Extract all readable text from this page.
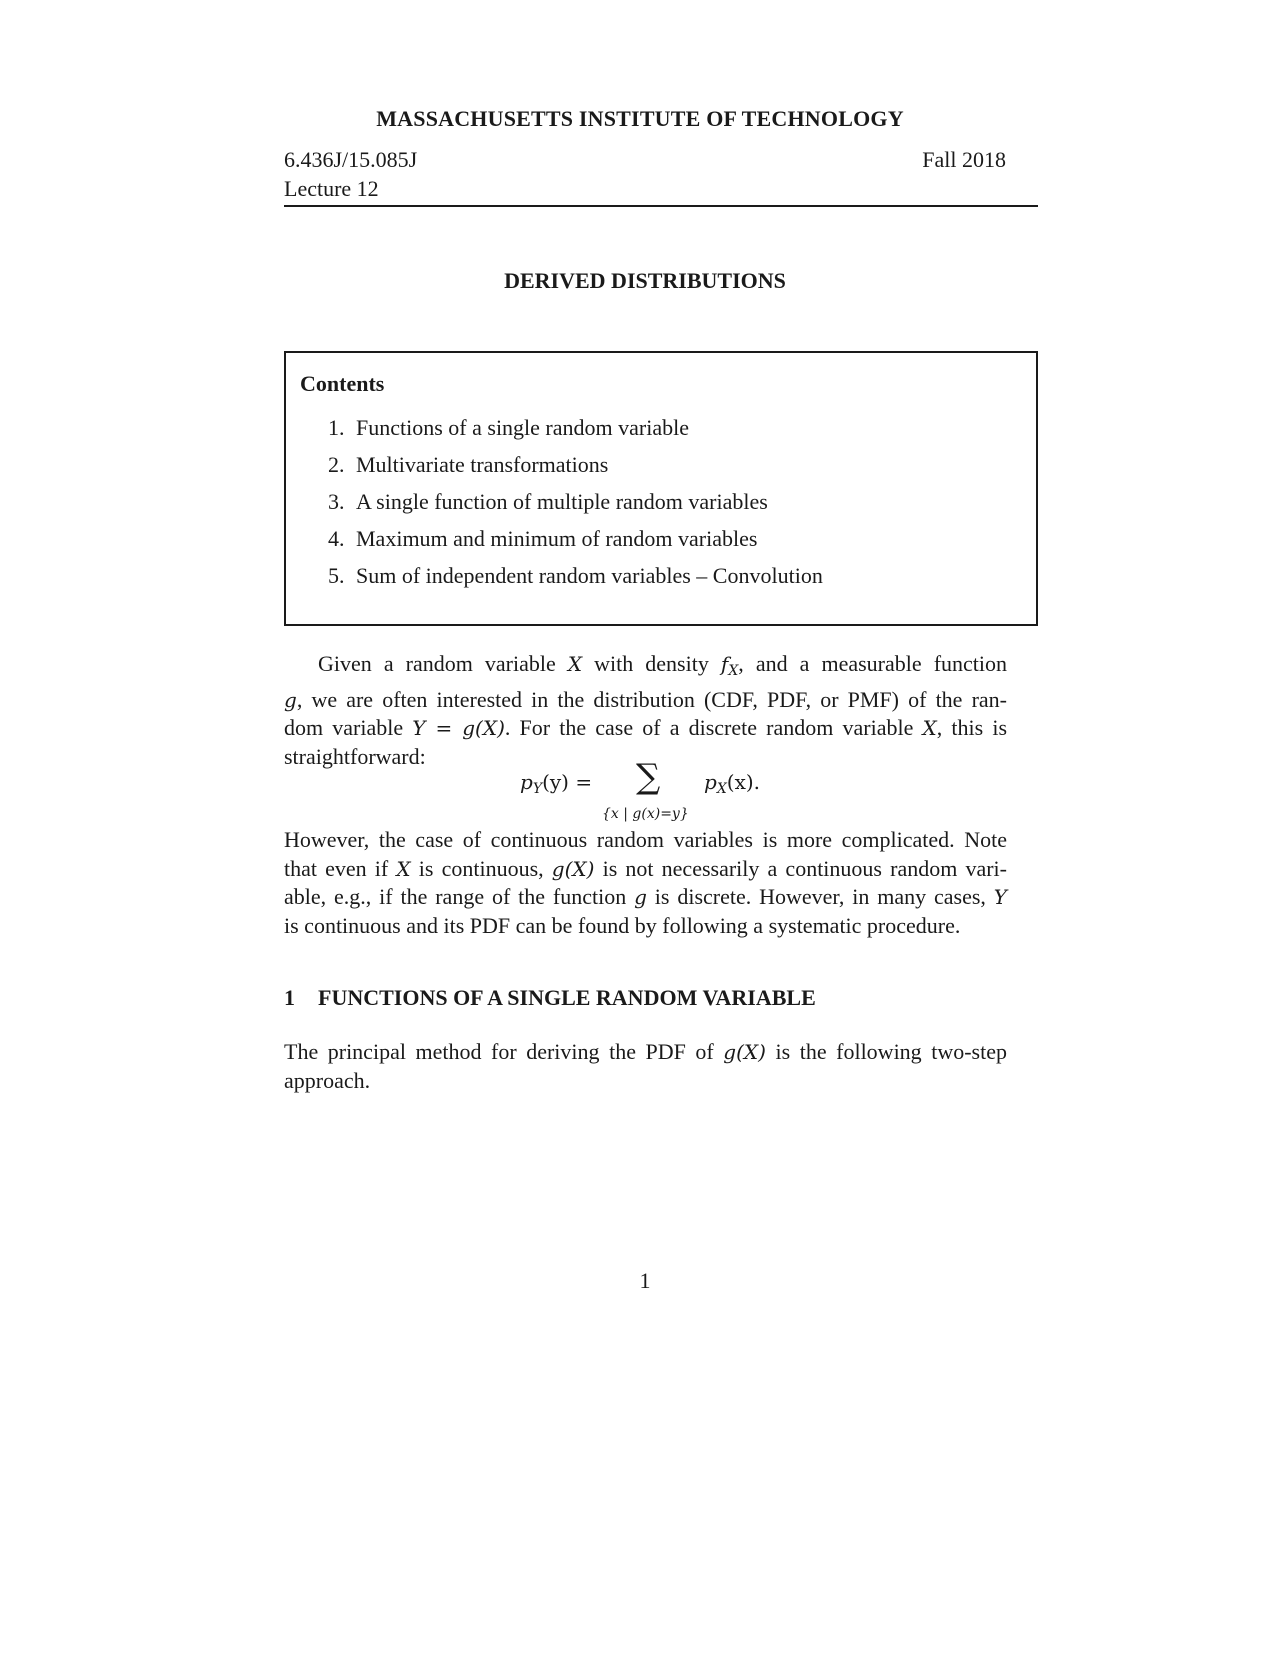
MASSACHUSETTS INSTITUTE OF TECHNOLOGY
6.436J/15.085J	Fall 2018
Lecture 12
DERIVED DISTRIBUTIONS
Contents
1. Functions of a single random variable
2. Multivariate transformations
3. A single function of multiple random variables
4. Maximum and minimum of random variables
5. Sum of independent random variables – Convolution
Given a random variable X with density $f_X$, and a measurable function
g, we are often interested in the distribution (CDF, PDF, or PMF) of the ran-
dom variable Y = g(X). For the case of a discrete random variable X, this is
straightforward:
$p_Y(y)$ = ∑
{x | g(x)=y}
$p_X(x)$.
However, the case of continuous random variables is more complicated. Note
that even if X is continuous, g(X) is not necessarily a continuous random vari-
able, e.g., if the range of the function g is discrete. However, in many cases, Y
is continuous and its PDF can be found by following a systematic procedure.
1 FUNCTIONS OF A SINGLE RANDOM VARIABLE
The principal method for deriving the PDF of g(X) is the following two-step
approach.
1
